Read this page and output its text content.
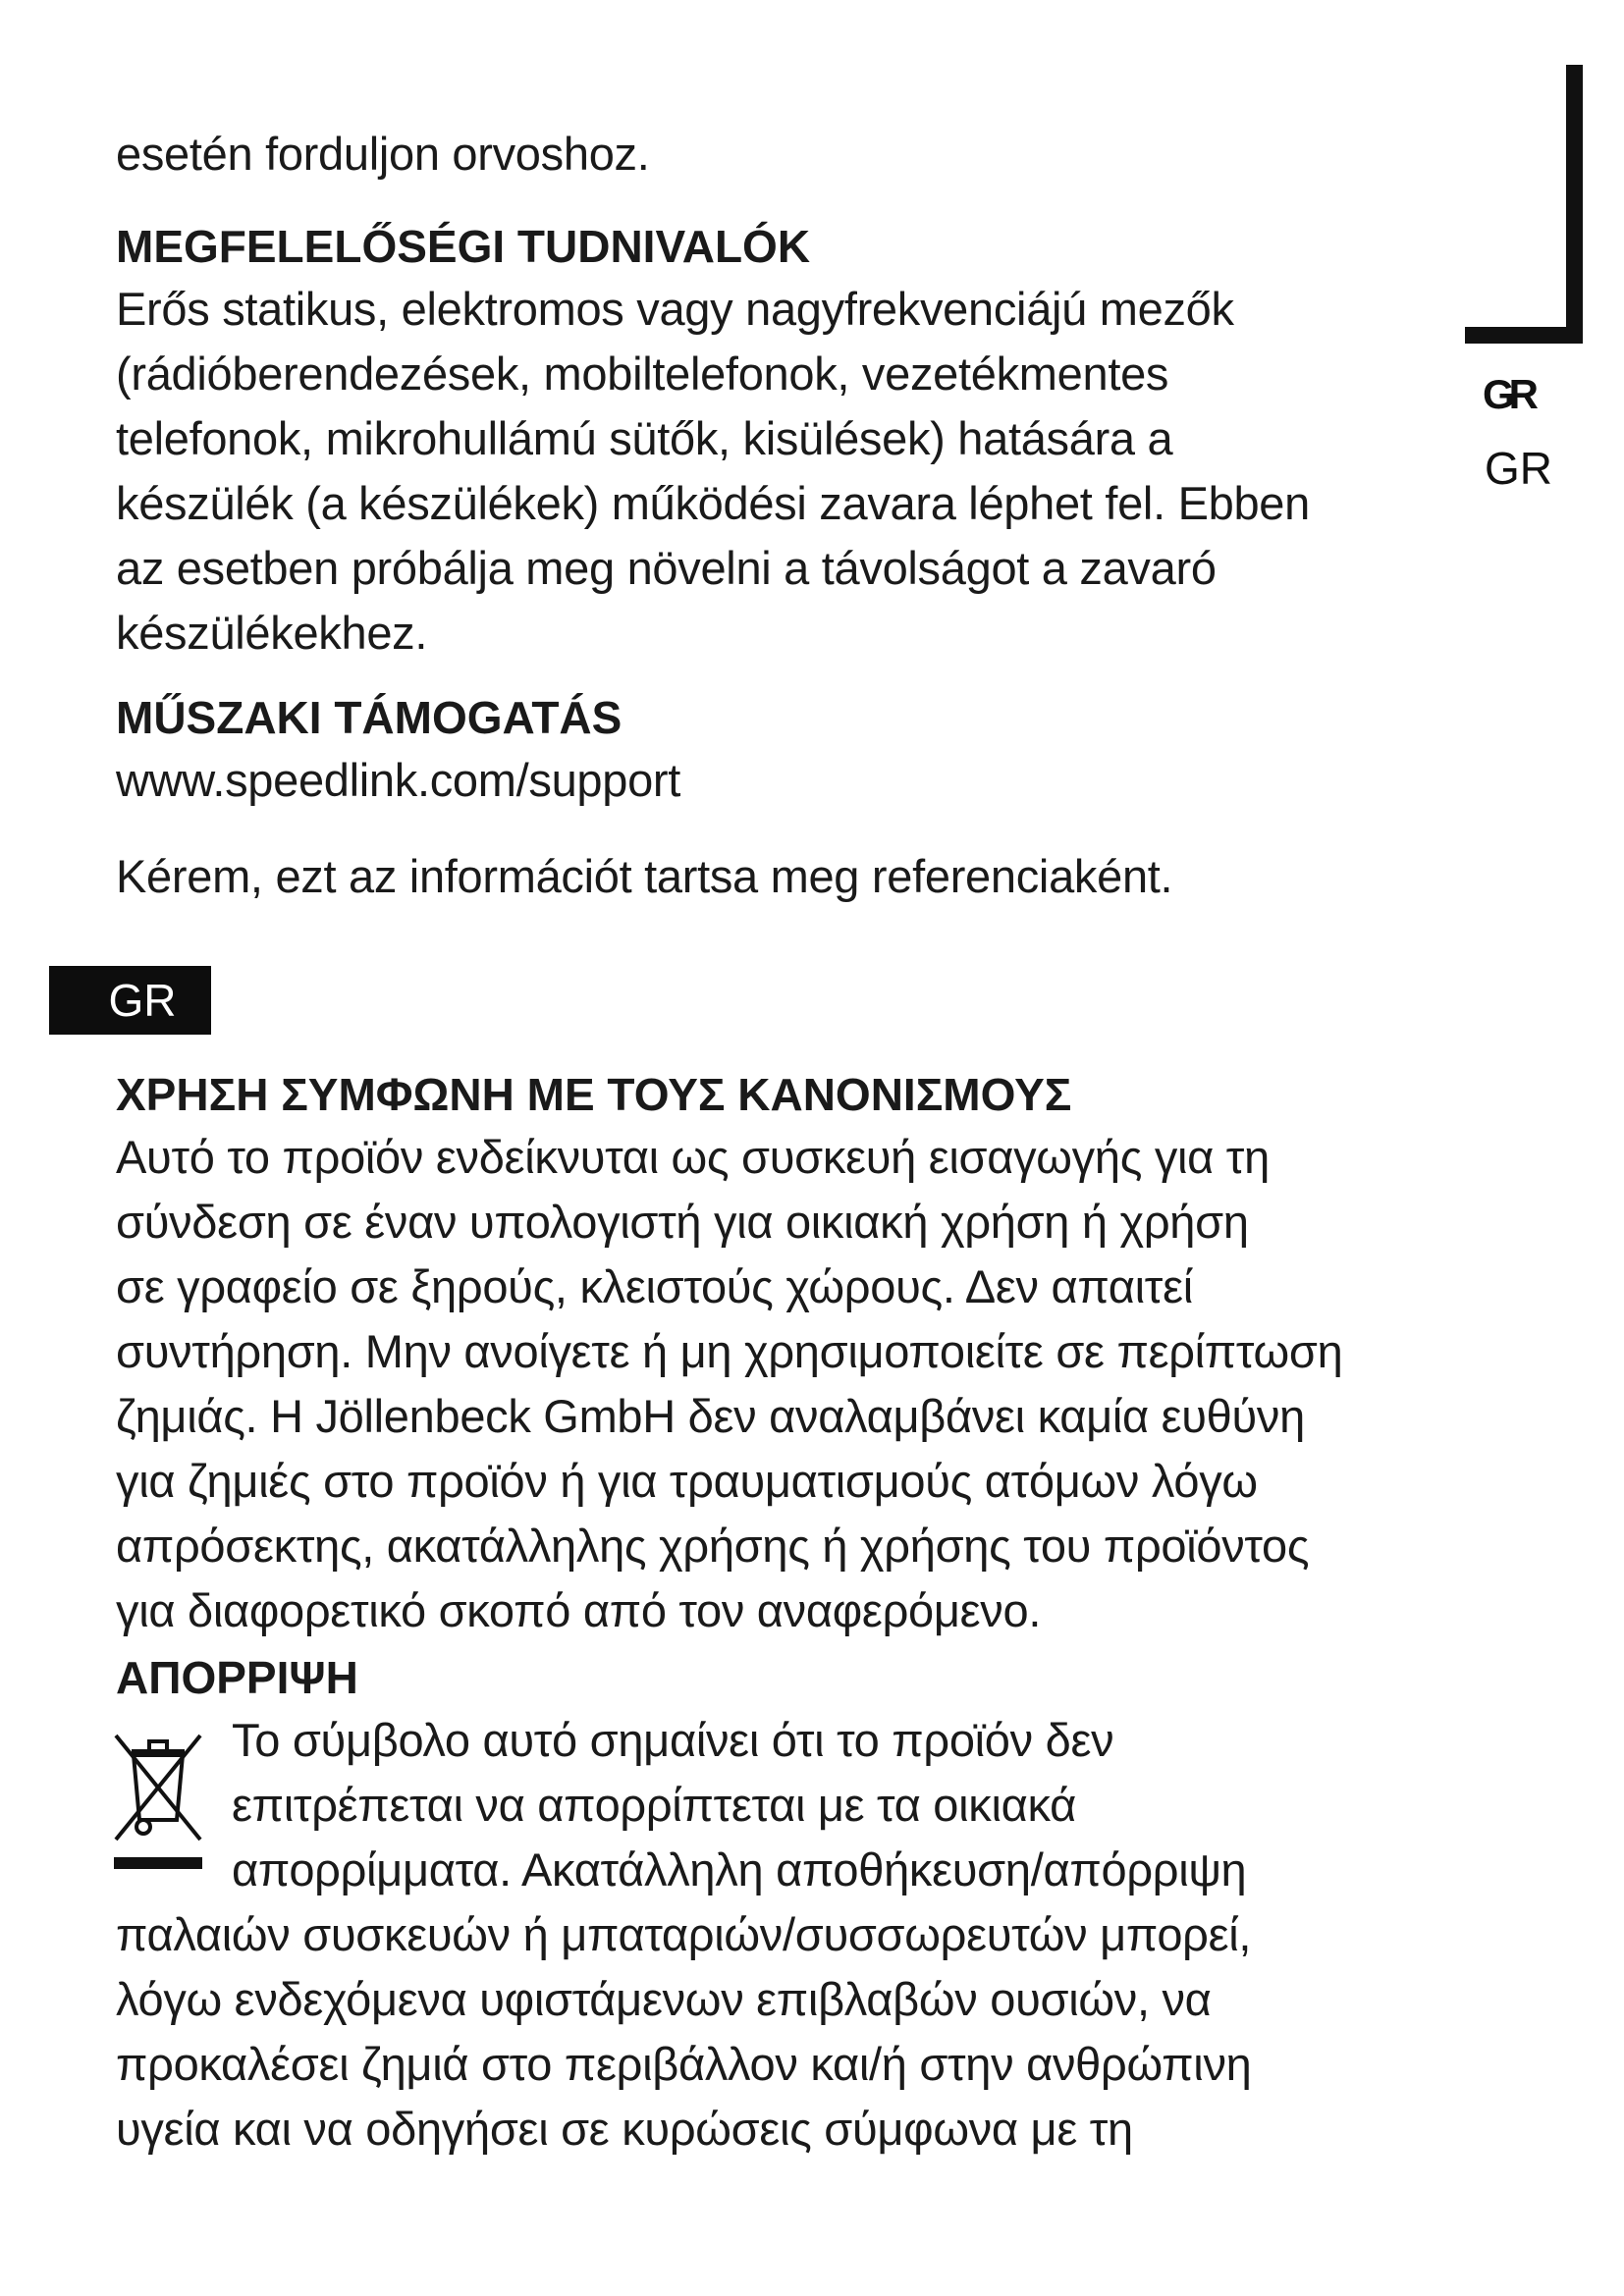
GR
GR

esetén forduljon orvoshoz.

MEGFELELŐSÉGI TUDNIVALÓK

Erős statikus, elektromos vagy nagyfrekvenciájú mezők

(rádióberendezések, mobiltelefonok, vezetékmentes

telefonok, mikrohullámú sütők, kisülések) hatására a

készülék (a készülékek) működési zavara léphet fel. Ebben

az esetben próbálja meg növelni a távolságot a zavaró

készülékekhez.

MŰSZAKI TÁMOGATÁS

www.speedlink.com/support

Kérem, ezt az információt tartsa meg referenciaként.

GR

ΧΡΗΣΗ ΣΥΜΦΩΝΗ ΜΕ ΤΟΥΣ ΚΑΝΟΝΙΣΜΟΥΣ

Αυτό το προϊόν ενδείκνυται ως συσκευή εισαγωγής για τη

σύνδεση σε έναν υπολογιστή για οικιακή χρήση ή χρήση

σε γραφείο σε ξηρούς, κλειστούς χώρους. Δεν απαιτεί

συντήρηση. Μην ανοίγετε ή μη χρησιμοποιείτε σε περίπτωση

ζημιάς. Η Jöllenbeck GmbH δεν αναλαμβάνει καμία ευθύνη

για ζημιές στο προϊόν ή για τραυματισμούς ατόμων λόγω

απρόσεκτης, ακατάλληλης χρήσης ή χρήσης του προϊόντος

για διαφορετικό σκοπό από τον αναφερόμενο.

ΑΠΟΡΡΙΨΗ

Το σύμβολο αυτό σημαίνει ότι το προϊόν δεν

επιτρέπεται να απορρίπτεται με τα οικιακά

απορρίμματα. Ακατάλληλη αποθήκευση/απόρριψη

παλαιών συσκευών ή μπαταριών/συσσωρευτών μπορεί,

λόγω ενδεχόμενα υφιστάμενων επιβλαβών ουσιών, να

προκαλέσει ζημιά στο περιβάλλον και/ή στην ανθρώπινη

υγεία και να οδηγήσει σε κυρώσεις σύμφωνα με τη
